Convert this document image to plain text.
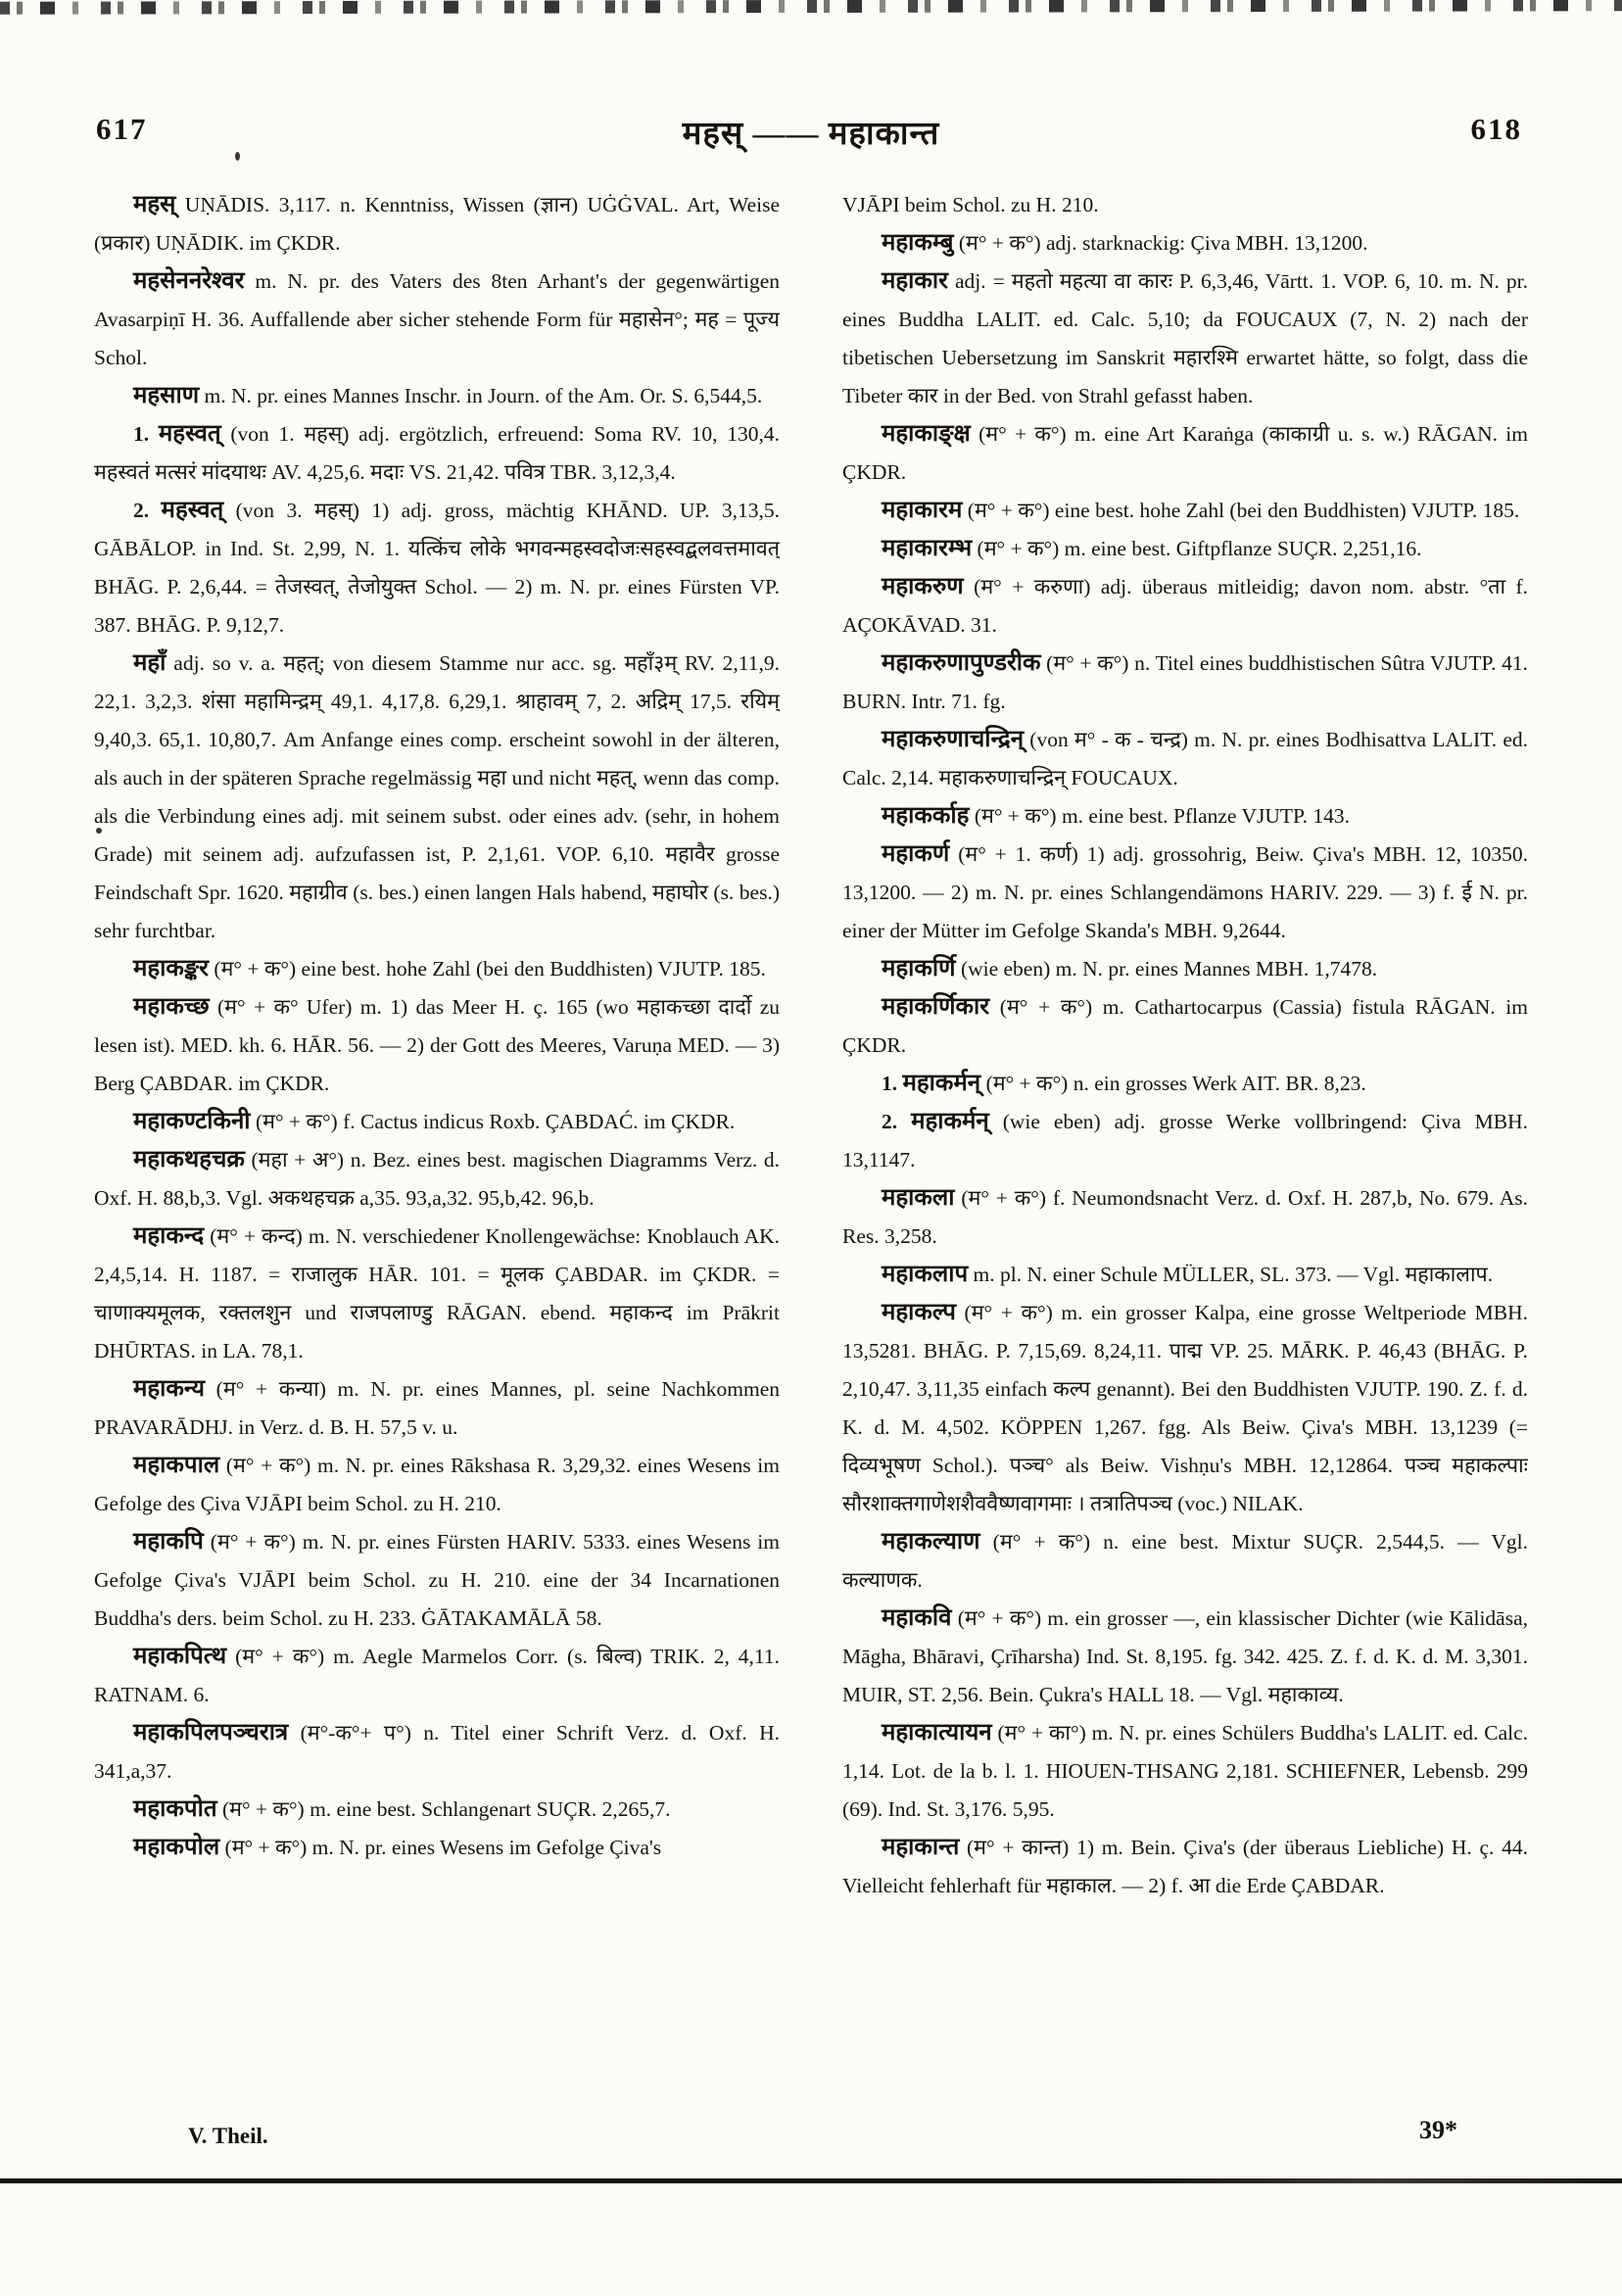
617	महस् —— महाकान्त	618

महस् UṆĀDIS. 3,117. n. Kenntniss, Wissen (ज्ञान) UĠĠVAL. Art, Weise (प्रकार) UṆĀDIK. im ÇKDR.

महसेननरेश्वर m. N. pr. des Vaters des 8ten Arhant's der gegenwärtigen Avasarpiṇī H. 36. Auffallende aber sicher stehende Form für महासेन°; मह = पूज्य Schol.

महसाण m. N. pr. eines Mannes Inschr. in Journ. of the Am. Or. S. 6,544,5.

1. महस्वत् (von 1. महस्) adj. ergötzlich, erfreuend: Soma RV. 10, 130,4. महस्वतं मत्सरं मांदयाथः AV. 4,25,6. मदाः VS. 21,42. पवित्र TBR. 3,12,3,4.

2. महस्वत् (von 3. महस्) 1) adj. gross, mächtig KHĀND. UP. 3,13,5. GĀBĀLOP. in Ind. St. 2,99, N. 1. यत्किंच लोके भगवन्महस्वदोजःसहस्वद्बलवत्तमावत् BHĀG. P. 2,6,44. = तेजस्वत्, तेजोयुक्त Schol. — 2) m. N. pr. eines Fürsten VP. 387. BHĀG. P. 9,12,7.

महाँ adj. so v. a. महत्; von diesem Stamme nur acc. sg. महाँ३म् RV. 2,11,9. 22,1. 3,2,3. शंसा महामिन्द्रम् 49,1. 4,17,8. 6,29,1. श्राहावम् 7, 2. अद्रिम् 17,5. रयिम् 9,40,3. 65,1. 10,80,7. Am Anfange eines comp. erscheint sowohl in der älteren, als auch in der späteren Sprache regelmässig महा und nicht महत्, wenn das comp. als die Verbindung eines adj. mit seinem subst. oder eines adv. (sehr, in hohem Grade) mit seinem adj. aufzufassen ist, P. 2,1,61. VOP. 6,10. महावैर grosse Feindschaft Spr. 1620. महाग्रीव (s. bes.) einen langen Hals habend, महाघोर (s. bes.) sehr furchtbar.

महाकङ्कर (म° + क°) eine best. hohe Zahl (bei den Buddhisten) VJUTP. 185.

महाकच्छ (म° + क° Ufer) m. 1) das Meer H. ç. 165 (wo महाकच्छा दार्दो zu lesen ist). MED. kh. 6. HĀR. 56. — 2) der Gott des Meeres, Varuṇa MED. — 3) Berg ÇABDAR. im ÇKDR.

महाकण्टकिनी (म° + क°) f. Cactus indicus Roxb. ÇABDAĆ. im ÇKDR.

महाकथहचक्र (महा + अ°) n. Bez. eines best. magischen Diagramms Verz. d. Oxf. H. 88,b,3. Vgl. अकथहचक्र a,35. 93,a,32. 95,b,42. 96,b.

महाकन्द (म° + कन्द) m. N. verschiedener Knollengewächse: Knoblauch AK. 2,4,5,14. H. 1187. = राजालुक HĀR. 101. = मूलक ÇABDAR. im ÇKDR. = चाणाक्यमूलक, रक्तलशुन und राजपलाण्डु RĀGAN. ebend. महाकन्द im Prākrit DHŪRTAS. in LA. 78,1.

महाकन्य (म° + कन्या) m. N. pr. eines Mannes, pl. seine Nachkommen PRAVARĀDHJ. in Verz. d. B. H. 57,5 v. u.

महाकपाल (म° + क°) m. N. pr. eines Rākshasa R. 3,29,32. eines Wesens im Gefolge des Çiva VJĀPI beim Schol. zu H. 210.

महाकपि (म° + क°) m. N. pr. eines Fürsten HARIV. 5333. eines Wesens im Gefolge Çiva's VJĀPI beim Schol. zu H. 210. eine der 34 Incarnationen Buddha's ders. beim Schol. zu H. 233. ĠĀTAKAMĀLĀ 58.

महाकपित्थ (म° + क°) m. Aegle Marmelos Corr. (s. बिल्व) TRIK. 2, 4,11. RATNAM. 6.

महाकपिलपञ्चरात्र (म°-क°+ प°) n. Titel einer Schrift Verz. d. Oxf. H. 341,a,37.

महाकपोत (म° + क°) m. eine best. Schlangenart SUÇR. 2,265,7.

महाकपोल (म° + क°) m. N. pr. eines Wesens im Gefolge Çiva's

VJĀPI beim Schol. zu H. 210.

महाकम्बु (म° + क°) adj. starknackig: Çiva MBH. 13,1200.

महाकार adj. = महतो महत्या वा कारः P. 6,3,46, Vārtt. 1. VOP. 6, 10. m. N. pr. eines Buddha LALIT. ed. Calc. 5,10; da FOUCAUX (7, N. 2) nach der tibetischen Uebersetzung im Sanskrit महारश्मि erwartet hätte, so folgt, dass die Tibeter कार in der Bed. von Strahl gefasst haben.

महाकाङ्क्ष (म° + क°) m. eine Art Karaṅga (काकाग्री u. s. w.) RĀGAN. im ÇKDR.

महाकारम (म° + क°) eine best. hohe Zahl (bei den Buddhisten) VJUTP. 185.

महाकारम्भ (म° + क°) m. eine best. Giftpflanze SUÇR. 2,251,16.

महाकरुण (म° + करुणा) adj. überaus mitleidig; davon nom. abstr. °ता f. AÇOKĀVAD. 31.

महाकरुणापुण्डरीक (म° + क°) n. Titel eines buddhistischen Sûtra VJUTP. 41. BURN. Intr. 71. fg.

महाकरुणाचन्द्रिन् (von म° - क - चन्द्र) m. N. pr. eines Bodhisattva LALIT. ed. Calc. 2,14. महाकरुणाचन्द्रिन् FOUCAUX.

महाकर्काह (म° + क°) m. eine best. Pflanze VJUTP. 143.

महाकर्ण (म° + 1. कर्ण) 1) adj. grossohrig, Beiw. Çiva's MBH. 12, 10350. 13,1200. — 2) m. N. pr. eines Schlangendämons HARIV. 229. — 3) f. ई N. pr. einer der Mütter im Gefolge Skanda's MBH. 9,2644.

महाकर्णि (wie eben) m. N. pr. eines Mannes MBH. 1,7478.

महाकर्णिकार (म° + क°) m. Cathartocarpus (Cassia) fistula RĀGAN. im ÇKDR.

1. महाकर्मन् (म° + क°) n. ein grosses Werk AIT. BR. 8,23.

2. महाकर्मन् (wie eben) adj. grosse Werke vollbringend: Çiva MBH. 13,1147.

महाकला (म° + क°) f. Neumondsnacht Verz. d. Oxf. H. 287,b, No. 679. As. Res. 3,258.

महाकलाप m. pl. N. einer Schule MÜLLER, SL. 373. — Vgl. महाकालाप.

महाकल्प (म° + क°) m. ein grosser Kalpa, eine grosse Weltperiode MBH. 13,5281. BHĀG. P. 7,15,69. 8,24,11. पाद्म VP. 25. MĀRK. P. 46,43 (BHĀG. P. 2,10,47. 3,11,35 einfach कल्प genannt). Bei den Buddhisten VJUTP. 190. Z. f. d. K. d. M. 4,502. KÖPPEN 1,267. fgg. Als Beiw. Çiva's MBH. 13,1239 (= दिव्यभूषण Schol.). पञ्च° als Beiw. Vishṇu's MBH. 12,12864. पञ्च महाकल्पाः सौरशाक्तगाणेशशैववैष्णवागमाः । तत्रातिपञ्च (voc.) NILAK.

महाकल्याण (म° + क°) n. eine best. Mixtur SUÇR. 2,544,5. — Vgl. कल्याणक.

महाकवि (म° + क°) m. ein grosser —, ein klassischer Dichter (wie Kālidāsa, Māgha, Bhāravi, Çrīharsha) Ind. St. 8,195. fg. 342. 425. Z. f. d. K. d. M. 3,301. MUIR, ST. 2,56. Bein. Çukra's HALL 18. — Vgl. महाकाव्य.

महाकात्यायन (म° + का°) m. N. pr. eines Schülers Buddha's LALIT. ed. Calc. 1,14. Lot. de la b. l. 1. HIOUEN-THSANG 2,181. SCHIEFNER, Lebensb. 299 (69). Ind. St. 3,176. 5,95.

महाकान्त (म° + कान्त) 1) m. Bein. Çiva's (der überaus Liebliche) H. ç. 44. Vielleicht fehlerhaft für महाकाल. — 2) f. आ die Erde ÇABDAR.

V. Theil.	39*
